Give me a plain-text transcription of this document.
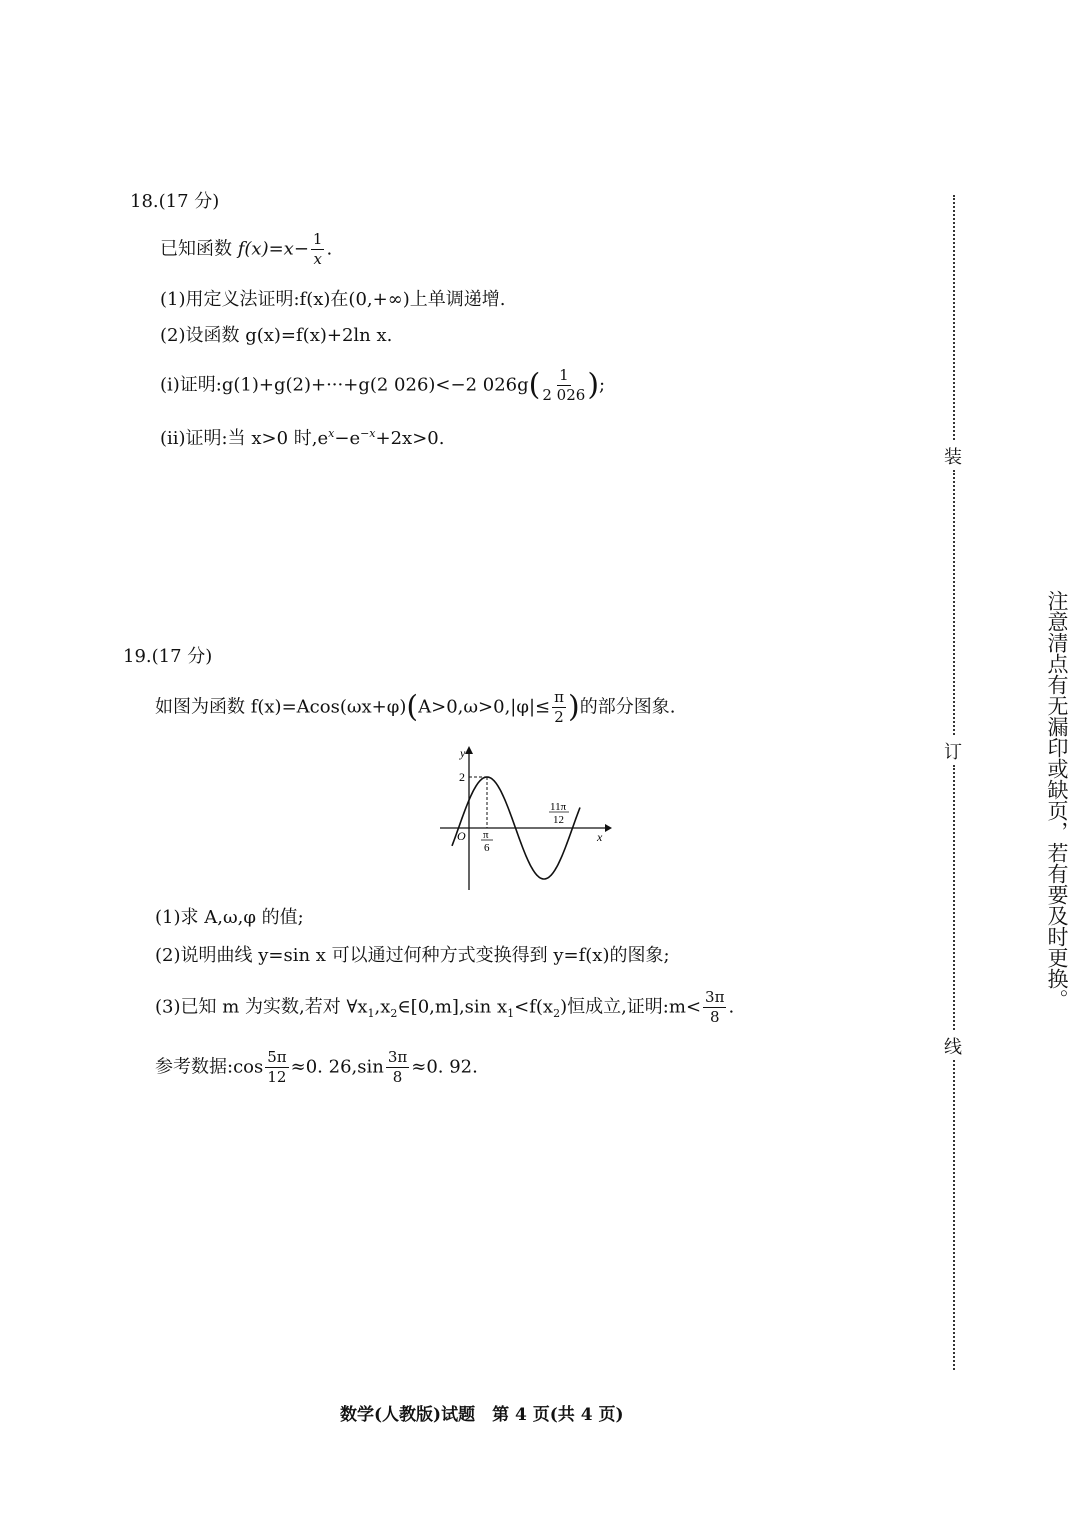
18.(17 分)
已知函数 $f(x)=x- \frac{1}{x}$ .
(1)用定义法证明:f(x)在(0,+∞)上单调递增.
(2)设函数 g(x)=f(x)+2ln x.
(ⅰ)证明:g(1)+g(2)+···+g(2 026)<−2 $026g( \frac{1}{2 026}$ );
(ⅱ)证明:当 x>0 时$,e^x-e^{-x}+2x>0$.
19.(17 分)
如图为函数 $f(x)=Acos(\omega x+\varphi)(A>0,\omega>0,|\varphi|\le \frac{\pi}{2}$ )的部分图象.
y
x
O
2
π
6
11π
12
(1)求 A,ω,φ 的值;
(2)说明曲线 y=sin x 可以通过何种方式变换得到 y=f(x)的图象;
(3)已知 m 为实数,若对 $\forall x_1,x_2\in[0,m],\sin$ $x_1<f(x_2)$恒成立,证明:m< $\frac{3\pi}{8}$ .
参考数据:cos $\frac{5\pi}{12} \approx 0$. $26,\sin \frac{3\pi}{8} \approx 0$. 92.
装
订
线
注意清点有无漏印或缺页，若有要及时更换。
数学(人教版)试题　第 4 页(共 4 页)
